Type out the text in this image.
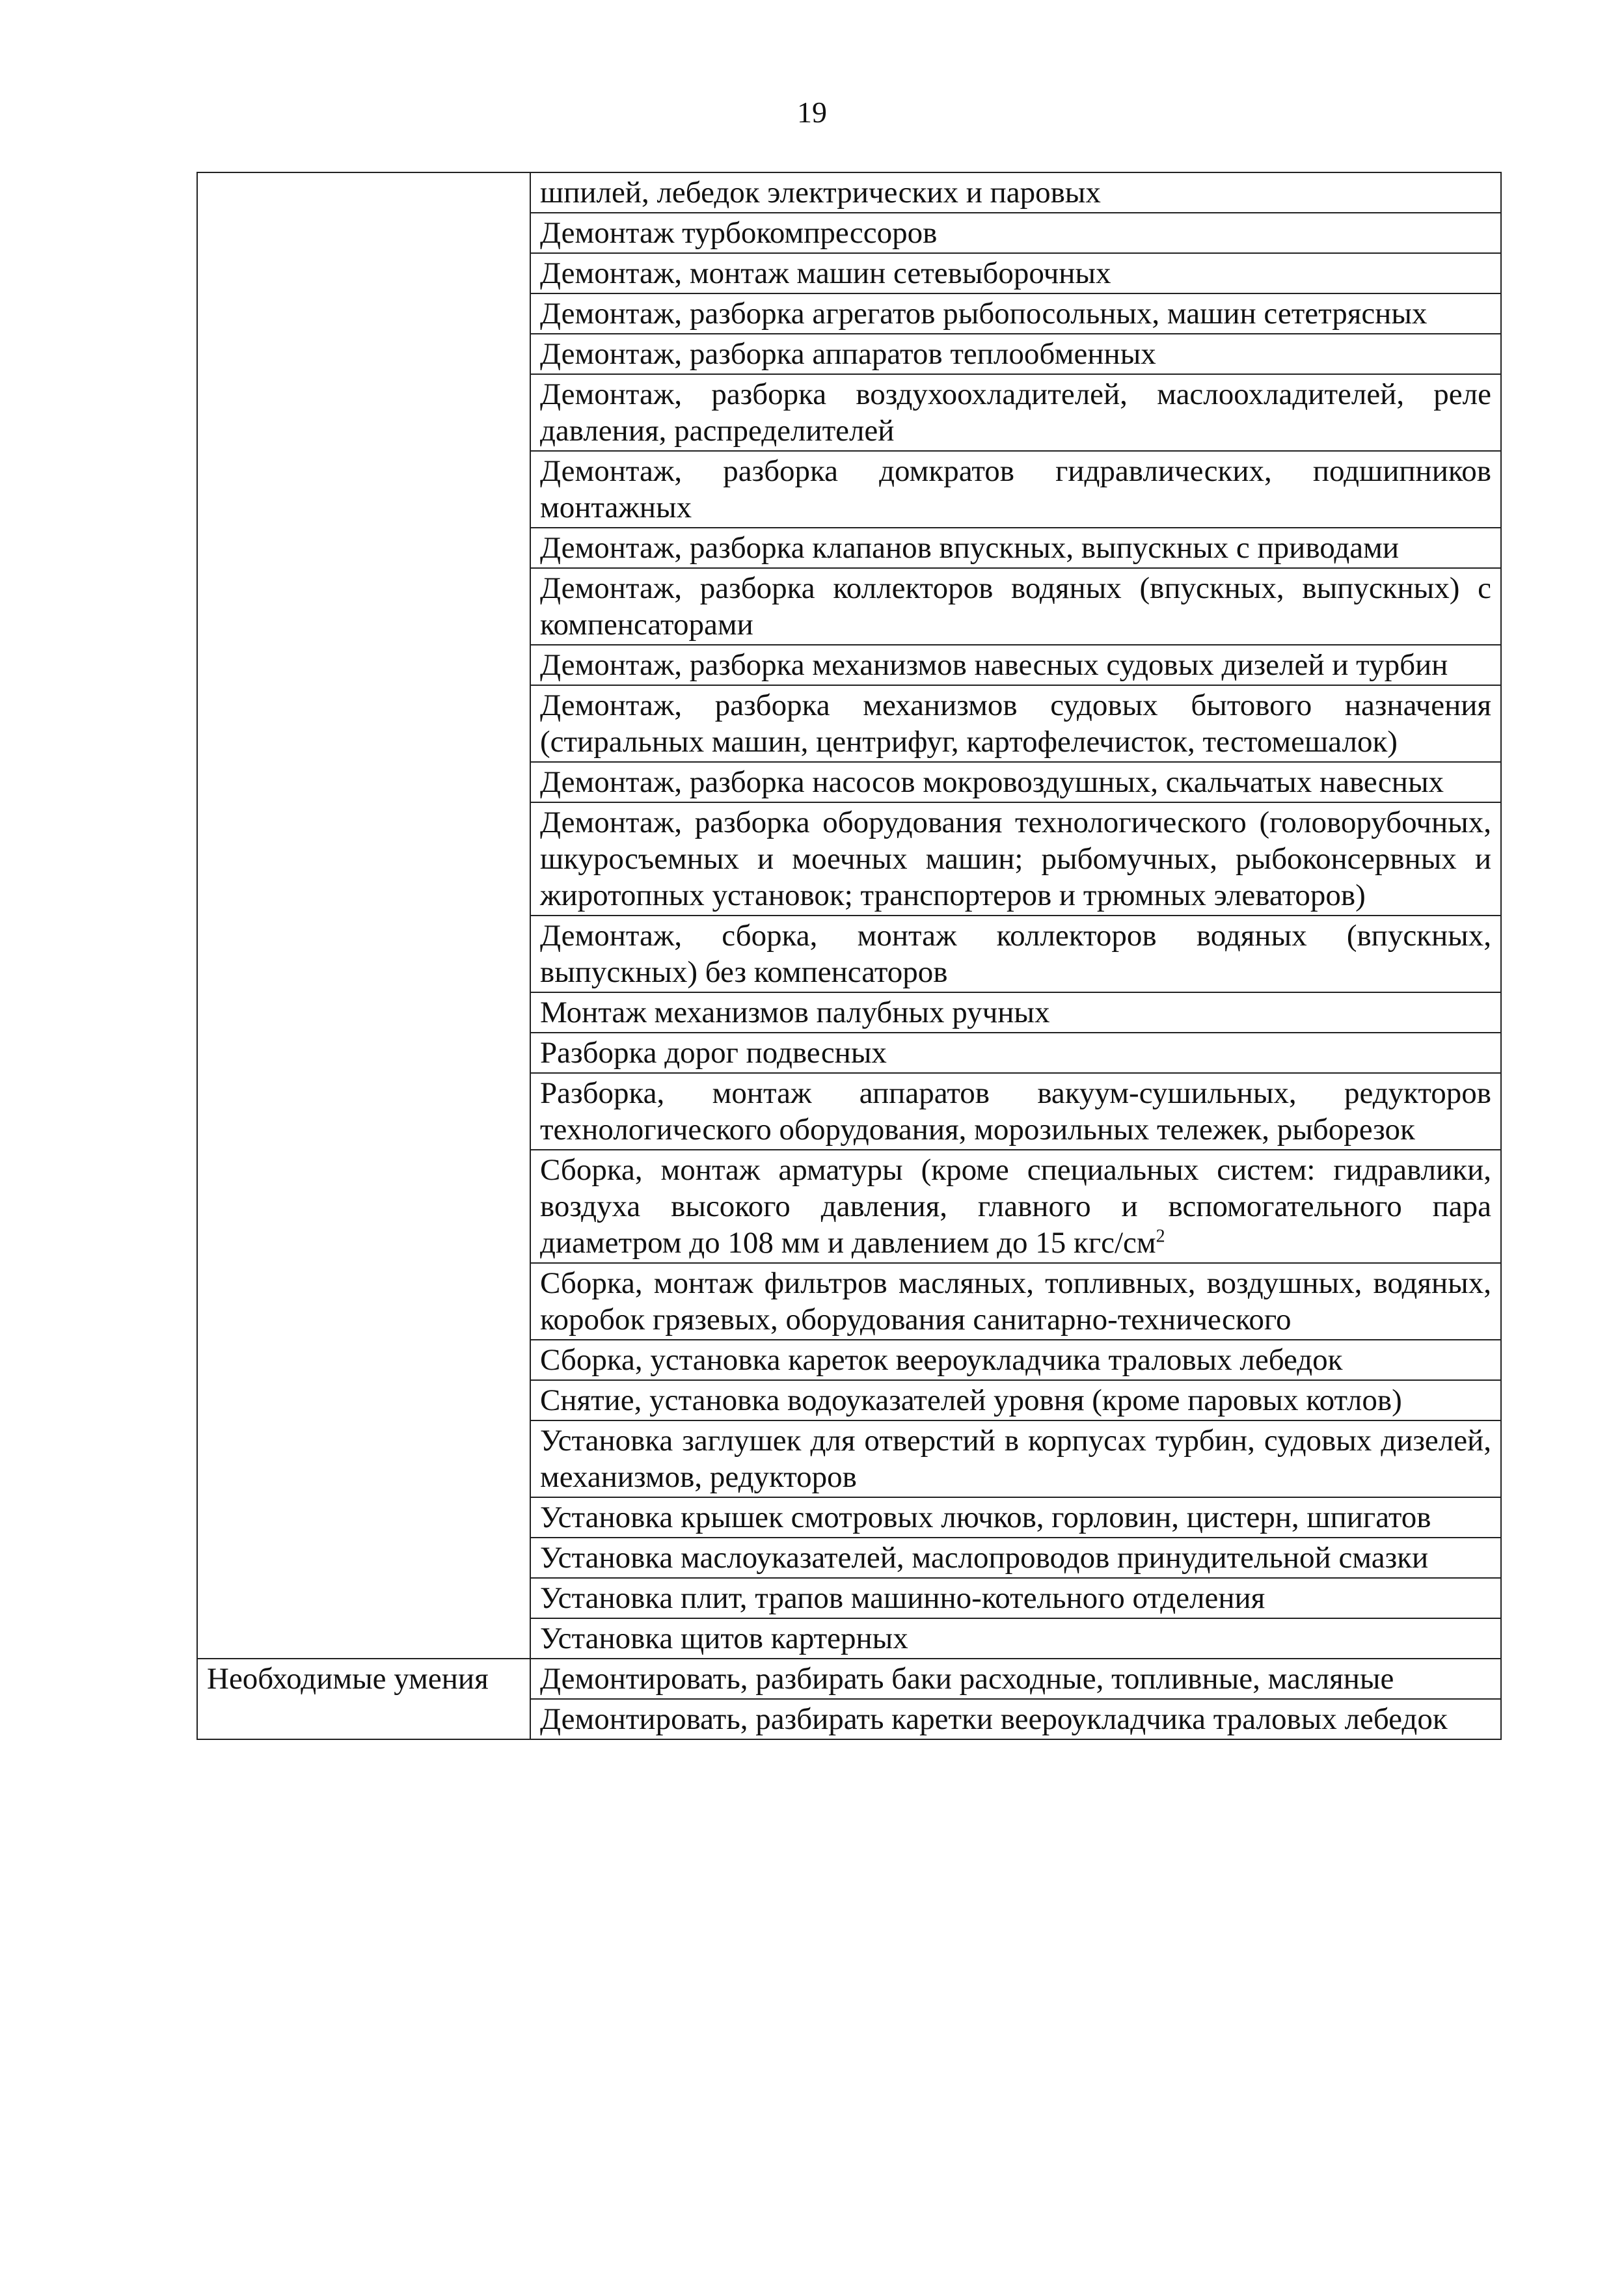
19
	шпилей, лебедок электрических и паровых
	Демонтаж турбокомпрессоров
	Демонтаж, монтаж машин сетевыборочных
	Демонтаж, разборка агрегатов рыбопосольных, машин сететрясных
	Демонтаж, разборка аппаратов теплообменных
	Демонтаж, разборка воздухоохладителей, маслоохладителей, реле давления, распределителей
	Демонтаж, разборка домкратов гидравлических, подшипников монтажных
	Демонтаж, разборка клапанов впускных, выпускных с приводами
	Демонтаж, разборка коллекторов водяных (впускных, выпускных) с компенсаторами
	Демонтаж, разборка механизмов навесных судовых дизелей и турбин
	Демонтаж, разборка механизмов судовых бытового назначения (стиральных машин, центрифуг, картофелечисток, тестомешалок)
	Демонтаж, разборка насосов мокровоздушных, скальчатых навесных
	Демонтаж, разборка оборудования технологического (головорубочных, шкуросъемных и моечных машин; рыбомучных, рыбоконсервных и жиротопных установок; транспортеров и трюмных элеваторов)
	Демонтаж, сборка, монтаж коллекторов водяных (впускных, выпускных) без компенсаторов
	Монтаж механизмов палубных ручных
	Разборка дорог подвесных
	Разборка, монтаж аппаратов вакуум-сушильных, редукторов технологического оборудования, морозильных тележек, рыборезок
	Сборка, монтаж арматуры (кроме специальных систем: гидравлики, воздуха высокого давления, главного и вспомогательного пара диаметром до 108 мм и давлением до 15 кгс/$см^2$
	Сборка, монтаж фильтров масляных, топливных, воздушных, водяных, коробок грязевых, оборудования санитарно-технического
	Сборка, установка кареток веероукладчика траловых лебедок
	Снятие, установка водоуказателей уровня (кроме паровых котлов)
	Установка заглушек для отверстий в корпусах турбин, судовых дизелей, механизмов, редукторов
	Установка крышек смотровых лючков, горловин, цистерн, шпигатов
	Установка маслоуказателей, маслопроводов принудительной смазки
	Установка плит, трапов машинно-котельного отделения
	Установка щитов картерных
Необходимые умения	Демонтировать, разбирать баки расходные, топливные, масляные
	Демонтировать, разбирать каретки веероукладчика траловых лебедок
